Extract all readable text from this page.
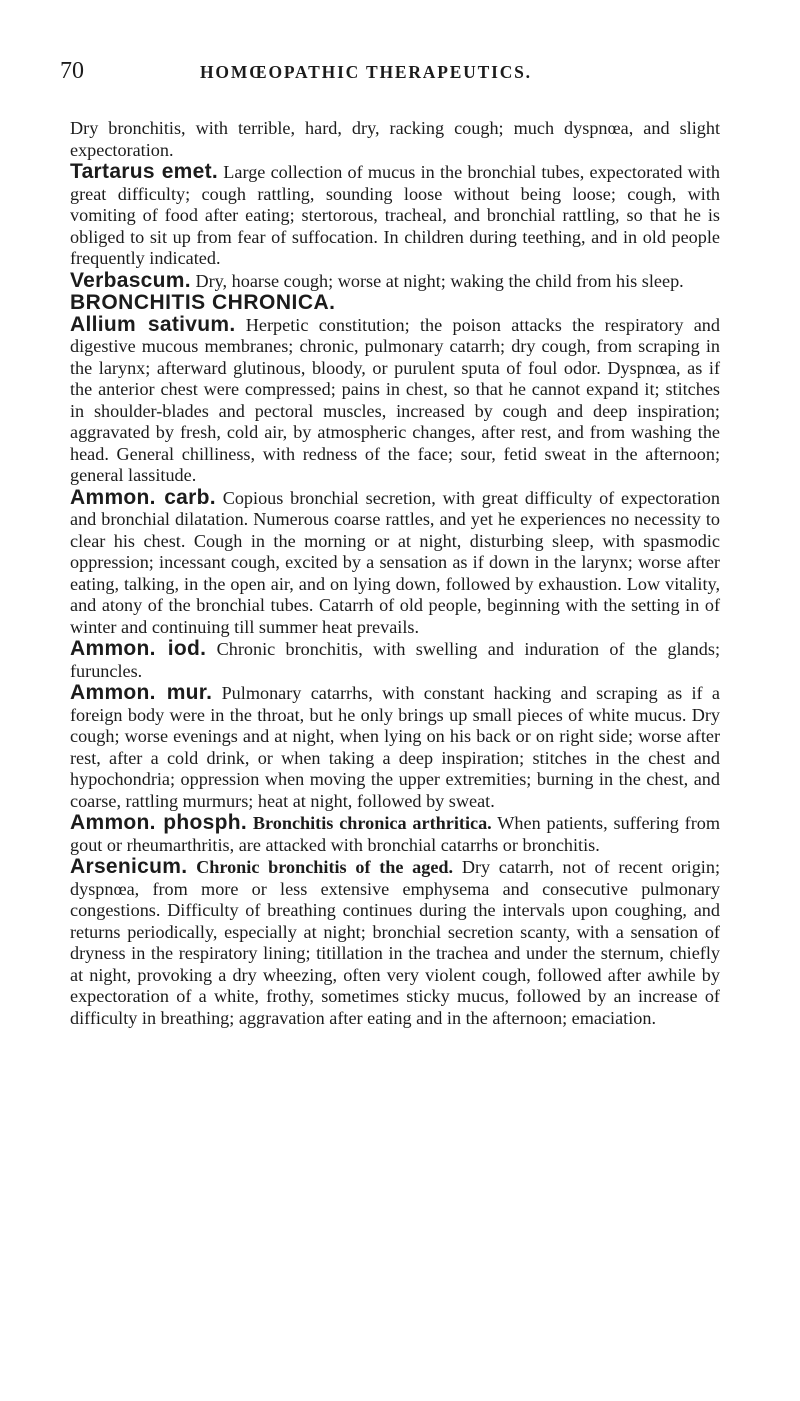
70	HOMŒOPATHIC THERAPEUTICS.

Dry bronchitis, with terrible, hard, dry, racking cough; much dyspnœa, and slight expectoration.

Tartarus emet. Large collection of mucus in the bronchial tubes, expectorated with great difficulty; cough rattling, sounding loose without being loose; cough, with vomiting of food after eating; stertorous, tracheal, and bronchial rattling, so that he is obliged to sit up from fear of suffocation. In children during teething, and in old people frequently indicated.

Verbascum. Dry, hoarse cough; worse at night; waking the child from his sleep.

BRONCHITIS CHRONICA.

Allium sativum. Herpetic constitution; the poison attacks the respiratory and digestive mucous membranes; chronic, pulmonary catarrh; dry cough, from scraping in the larynx; afterward glutinous, bloody, or purulent sputa of foul odor. Dyspnœa, as if the anterior chest were compressed; pains in chest, so that he cannot expand it; stitches in shoulder-blades and pectoral muscles, increased by cough and deep inspiration; aggravated by fresh, cold air, by atmospheric changes, after rest, and from washing the head. General chilliness, with redness of the face; sour, fetid sweat in the afternoon; general lassitude.

Ammon. carb. Copious bronchial secretion, with great difficulty of expectoration and bronchial dilatation. Numerous coarse rattles, and yet he experiences no necessity to clear his chest. Cough in the morning or at night, disturbing sleep, with spasmodic oppression; incessant cough, excited by a sensation as if down in the larynx; worse after eating, talking, in the open air, and on lying down, followed by exhaustion. Low vitality, and atony of the bronchial tubes. Catarrh of old people, beginning with the setting in of winter and continuing till summer heat prevails.

Ammon. iod. Chronic bronchitis, with swelling and induration of the glands; furuncles.

Ammon. mur. Pulmonary catarrhs, with constant hacking and scraping as if a foreign body were in the throat, but he only brings up small pieces of white mucus. Dry cough; worse evenings and at night, when lying on his back or on right side; worse after rest, after a cold drink, or when taking a deep inspiration; stitches in the chest and hypochondria; oppression when moving the upper extremities; burning in the chest, and coarse, rattling murmurs; heat at night, followed by sweat.

Ammon. phosph. Bronchitis chronica arthritica. When patients, suffering from gout or rheumarthritis, are attacked with bronchial catarrhs or bronchitis.

Arsenicum. Chronic bronchitis of the aged. Dry catarrh, not of recent origin; dyspnœa, from more or less extensive emphysema and consecutive pulmonary congestions. Difficulty of breathing continues during the intervals upon coughing, and returns periodically, especially at night; bronchial secretion scanty, with a sensation of dryness in the respiratory lining; titillation in the trachea and under the sternum, chiefly at night, provoking a dry wheezing, often very violent cough, followed after awhile by expectoration of a white, frothy, sometimes sticky mucus, followed by an increase of difficulty in breathing; aggravation after eating and in the afternoon; emaciation.
